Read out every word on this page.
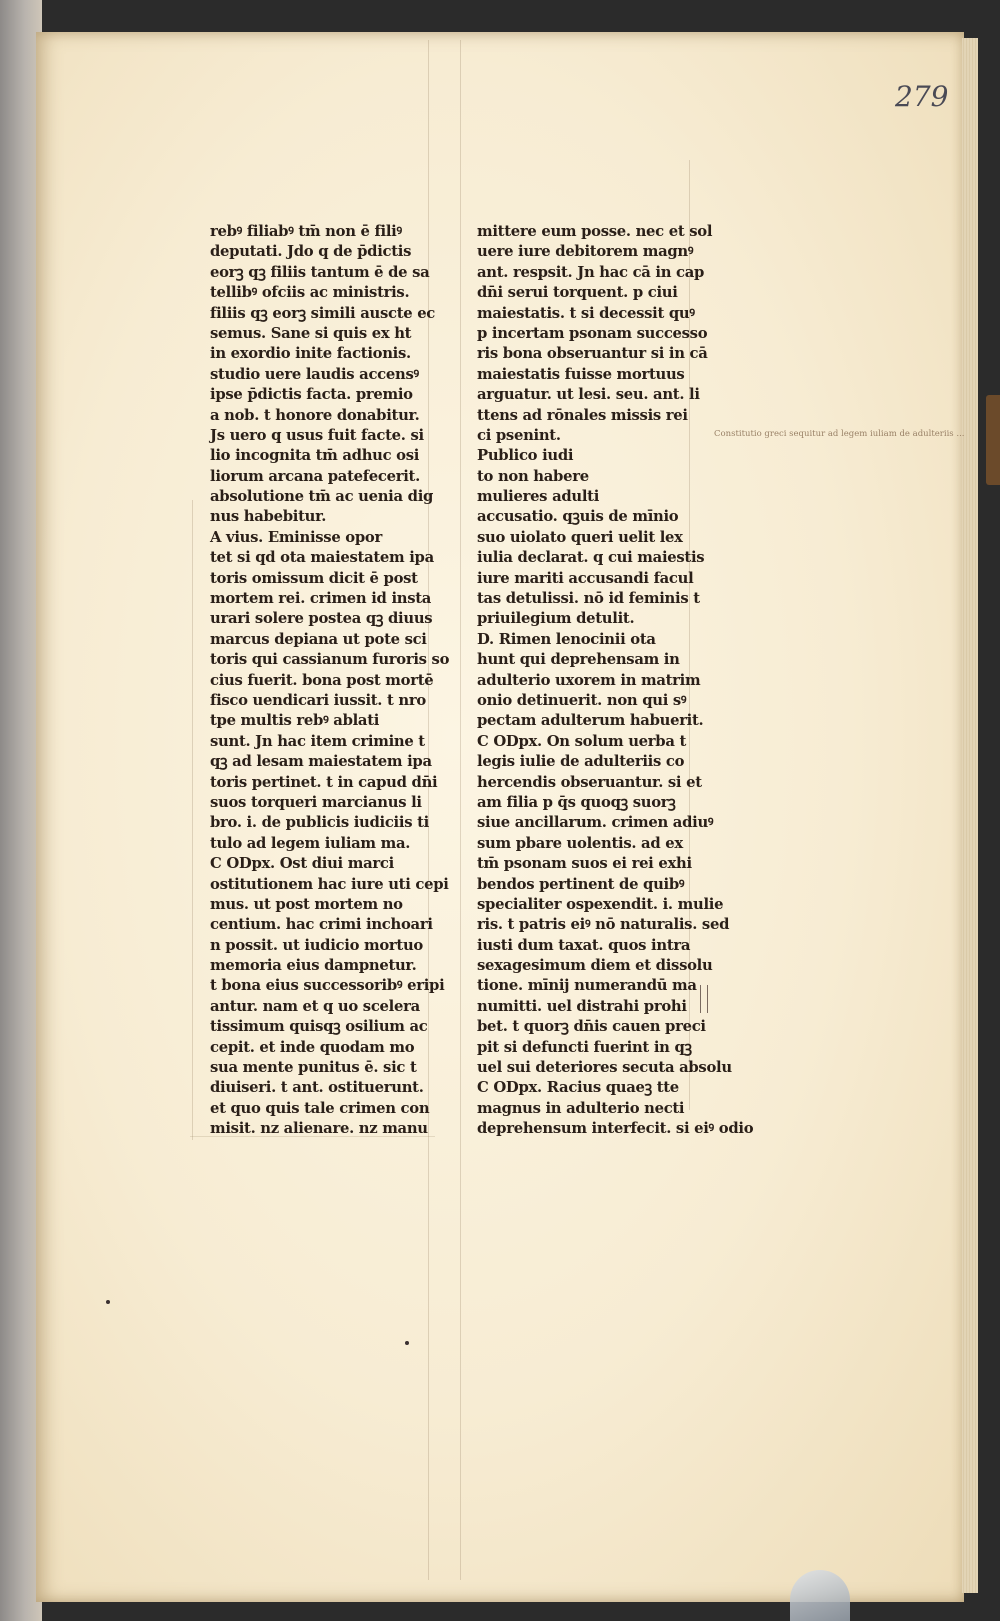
279
rebꝰ filiabꝰ tm̄ non ē filiꝰ
deputati. Jdo q de p̄dictis
eorꝫ qꝫ filiis tantum ē de sa
tellibꝰ ofciis ac ministris.
filiis qꝫ eorꝫ simili auscte ec
semus. Sane si quis ex ht
in exordio inite factionis.
studio uere laudis accensꝰ
ipse p̄dictis facta. premio
a nob. t honore donabitur.
Js uero q usus fuit facte. si
lio incognita tm̄ adhuc osi
liorum arcana patefecerit.
absolutione tm̄ ac uenia dig
nus habebitur.
A vius. Eminisse opor
tet si qd ota maiestatem ipa
toris omissum dicit ē post
mortem rei. crimen id insta
urari solere postea qꝫ diuus
marcus depiana ut pote sci
toris qui cassianum furoris so
cius fuerit. bona post mortē
fisco uendicari iussit. t nro
tpe multis rebꝰ ablati
sunt. Jn hac item crimine t
qꝫ ad lesam maiestatem ipa
toris pertinet. t in capud dn̄i
suos torqueri marcianus li
bro. i. de publicis iudiciis ti
tulo ad legem iuliam ma.
C ODpx. Ost diui marci
ostitutionem hac iure uti cepi
mus. ut post mortem no
centium. hac crimi inchoari
n possit. ut iudicio mortuo
memoria eius dampnetur.
t bona eius successoribꝰ eripi
antur. nam et q uo scelera
tissimum quisqꝫ osilium ac
cepit. et inde quodam mo
sua mente punitus ē. sic t
diuiseri. t ant. ostituerunt.
et quo quis tale crimen con
misit. nz alienare. nz manu
mittere eum posse. nec et sol
uere iure debitorem magnꝰ
ant. respsit. Jn hac cā in cap
dn̄i serui torquent. p ciui
maiestatis. t si decessit quꝰ
p incertam psonam successo
ris bona obseruantur si in cā
maiestatis fuisse mortuus
arguatur. ut lesi. seu. ant. li
ttens ad rōnales missis rei
ci psenint.
Publico iudi
to non habere
mulieres adulti
accusatio. qꝫuis de mīnio
suo uiolato queri uelit lex
iulia declarat. q cui maiestis
iure mariti accusandi facul
tas detulissi. nō id feminis t
priuilegium detulit.
D. Rimen lenocinii ota
hunt qui deprehensam in
adulterio uxorem in matrim
onio detinuerit. non qui sꝰ
pectam adulterum habuerit.
C ODpx. On solum uerba t
legis iulie de adulteriis co
hercendis obseruantur. si et
am filia p q̄s quoqꝫ suorꝫ
siue ancillarum. crimen adiuꝰ
sum pbare uolentis. ad ex
tm̄ psonam suos ei rei exhi
bendos pertinent de quibꝰ
specialiter ospexendit. i. mulie
ris. t patris eiꝰ nō naturalis. sed
iusti dum taxat. quos intra
sexagesimum diem et dissolu
tione. mīnij numerandū ma
numitti. uel distrahi prohi
bet. t quorꝫ dn̄is cauen preci
pit si defuncti fuerint in qꝫ
uel sui deteriores secuta absolu
C ODpx. Racius quaeꝫ tte
magnus in adulterio necti
deprehensum interfecit. si eiꝰ odio
Constitutio greci sequitur ad legem iuliam de adulteriis ...
